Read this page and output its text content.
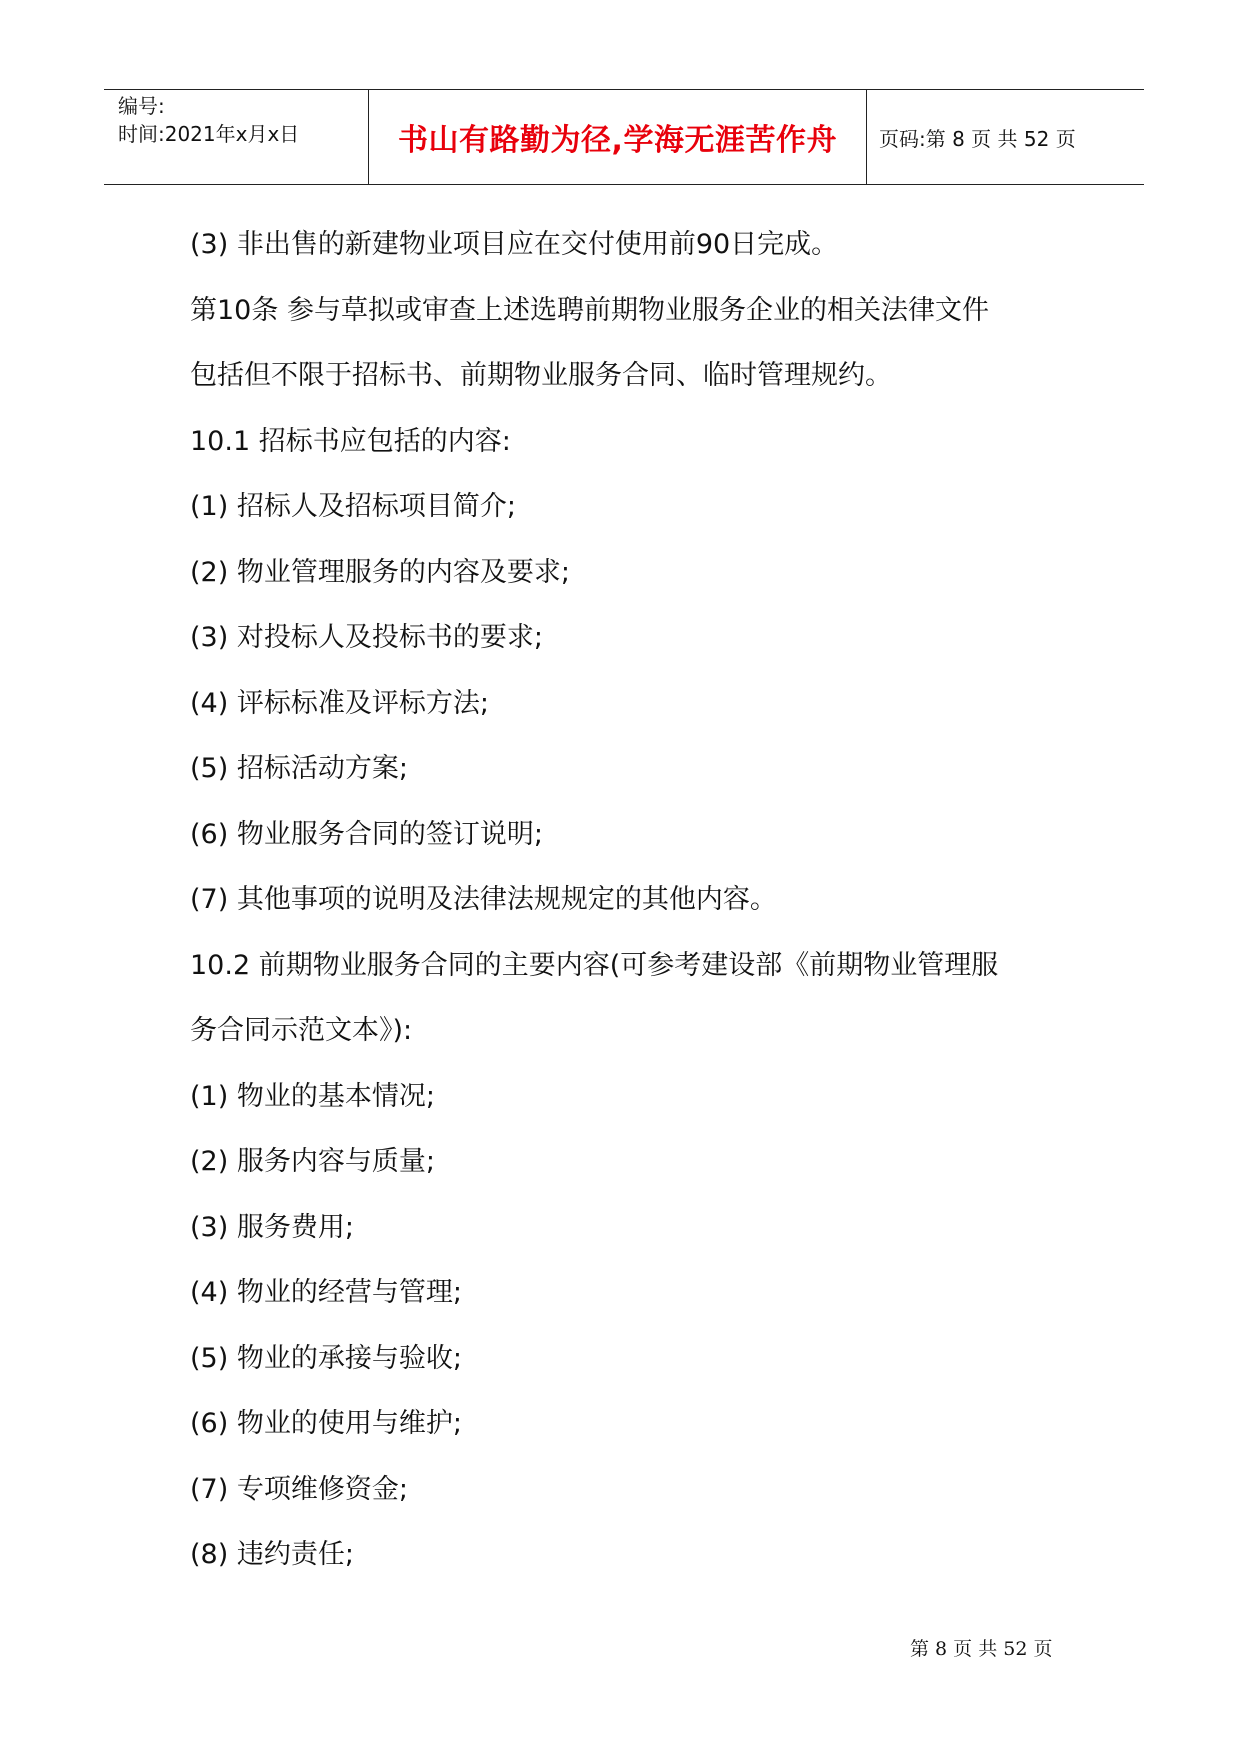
编号:
时间:2021年x月x日	书山有路勤为径,学海无涯苦作舟 页码:第 8 页 共 52 页
(3) 非出售的新建物业项目应在交付使用前90日完成。
第10条 参与草拟或审查上述选聘前期物业服务企业的相关法律文件
包括但不限于招标书、前期物业服务合同、临时管理规约。
10.1 招标书应包括的内容:
(1) 招标人及招标项目简介;
(2) 物业管理服务的内容及要求;
(3) 对投标人及投标书的要求;
(4) 评标标准及评标方法;
(5) 招标活动方案;
(6) 物业服务合同的签订说明;
(7) 其他事项的说明及法律法规规定的其他内容。
10.2 前期物业服务合同的主要内容(可参考建设部《前期物业管理服
务合同示范文本》):
(1) 物业的基本情况;
(2) 服务内容与质量;
(3) 服务费用;
(4) 物业的经营与管理;
(5) 物业的承接与验收;
(6) 物业的使用与维护;
(7) 专项维修资金;
(8) 违约责任;
第 8 页 共 52 页
